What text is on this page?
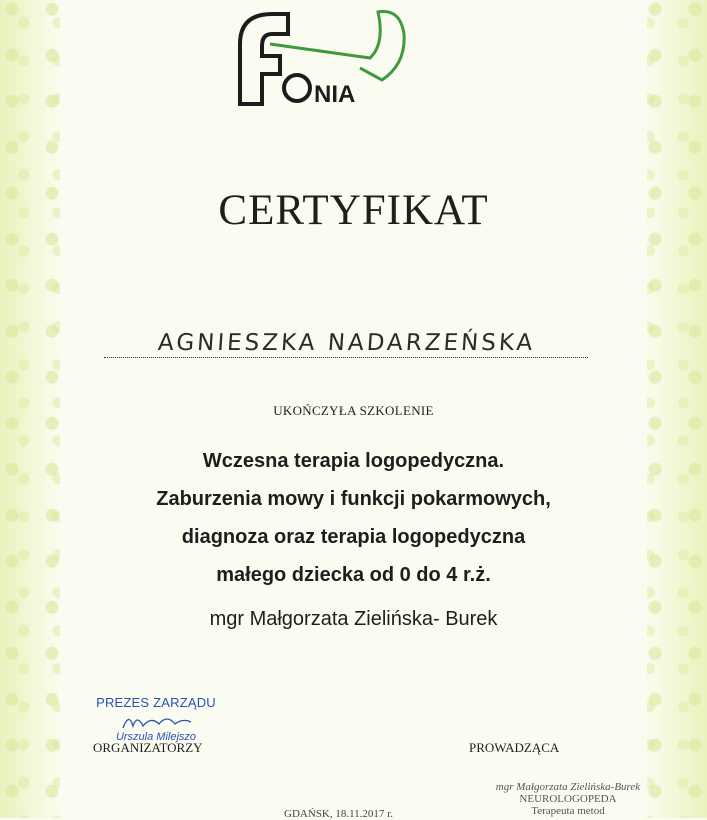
NIA
CERTYFIKAT
AGNIESZKA NADARZEŃSKA
UKOŃCZYŁA SZKOLENIE
Wczesna terapia logopedyczna.
Zaburzenia mowy i funkcji pokarmowych,
diagnoza oraz terapia logopedyczna
małego dziecka od 0 do 4 r.ż.
mgr Małgorzata Zielińska- Burek
PREZES ZARZĄDU
Urszula Milejszo
ORGANIZATORZY	PROWADZĄCA
mgr Małgorzata Zielińska-Burek
NEUROLOGOPEDA
Terapeuta metod
GDAŃSK, 18.11.2017 r.
